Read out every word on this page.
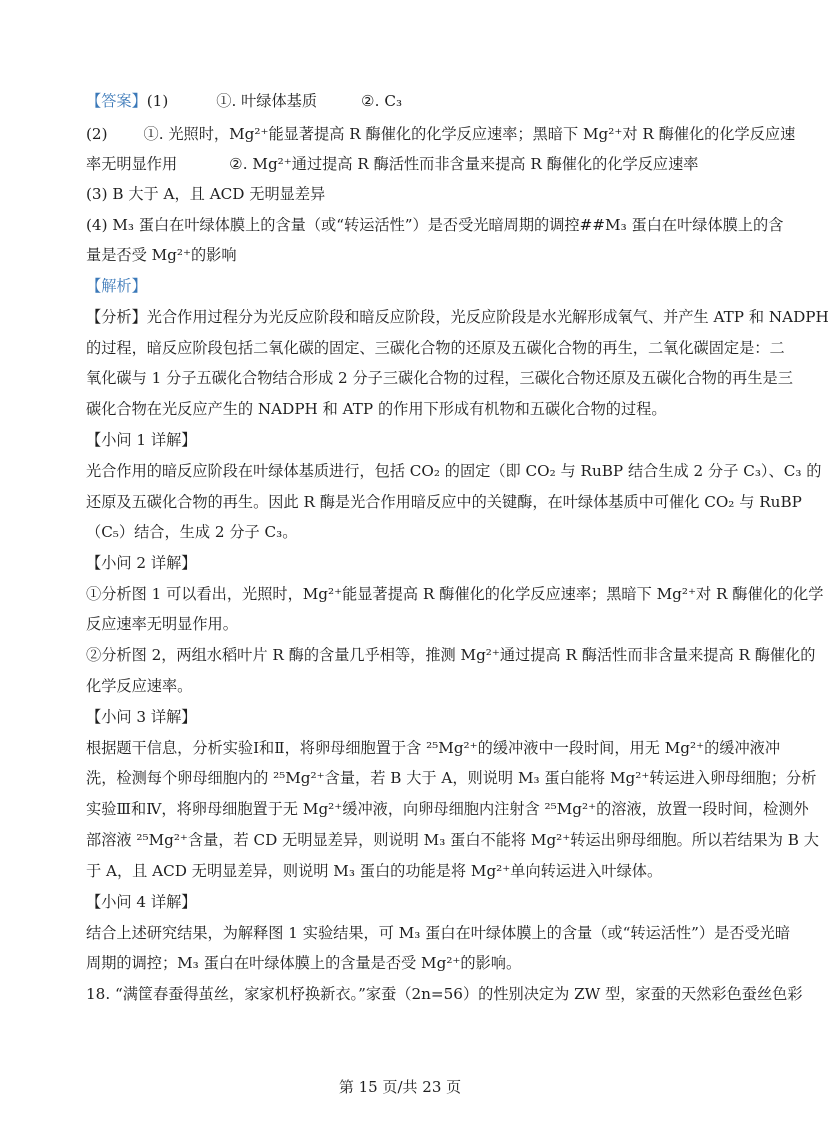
【答案】(1)	①. 叶绿体基质	②. C₃
(2) ①. 光照时，Mg²⁺能显著提高 R 酶催化的化学反应速率；黑暗下 Mg²⁺对 R 酶催化的化学反应速
率无明显作用	②. Mg²⁺通过提高 R 酶活性而非含量来提高 R 酶催化的化学反应速率
(3) B 大于 A，且 ACD 无明显差异
(4) M₃ 蛋白在叶绿体膜上的含量（或“转运活性”）是否受光暗周期的调控##M₃ 蛋白在叶绿体膜上的含
量是否受 Mg²⁺的影响
【解析】
【分析】光合作用过程分为光反应阶段和暗反应阶段，光反应阶段是水光解形成氧气、并产生 ATP 和 NADPH
的过程，暗反应阶段包括二氧化碳的固定、三碳化合物的还原及五碳化合物的再生，二氧化碳固定是：二
氧化碳与 1 分子五碳化合物结合形成 2 分子三碳化合物的过程，三碳化合物还原及五碳化合物的再生是三
碳化合物在光反应产生的 NADPH 和 ATP 的作用下形成有机物和五碳化合物的过程。
【小问 1 详解】
光合作用的暗反应阶段在叶绿体基质进行，包括 CO₂ 的固定（即 CO₂ 与 RuBP 结合生成 2 分子 C₃）、C₃ 的
还原及五碳化合物的再生。因此 R 酶是光合作用暗反应中的关键酶，在叶绿体基质中可催化 CO₂ 与 RuBP
（C₅）结合，生成 2 分子 C₃。
【小问 2 详解】
①分析图 1 可以看出，光照时，Mg²⁺能显著提高 R 酶催化的化学反应速率；黑暗下 Mg²⁺对 R 酶催化的化学
反应速率无明显作用。
②分析图 2，两组水稻叶片 R 酶的含量几乎相等，推测 Mg²⁺通过提高 R 酶活性而非含量来提高 R 酶催化的
化学反应速率。
【小问 3 详解】
根据题干信息，分析实验Ⅰ和Ⅱ，将卵母细胞置于含 ²⁵Mg²⁺的缓冲液中一段时间，用无 Mg²⁺的缓冲液冲
洗，检测每个卵母细胞内的 ²⁵Mg²⁺含量，若 B 大于 A，则说明 M₃ 蛋白能将 Mg²⁺转运进入卵母细胞；分析
实验Ⅲ和Ⅳ，将卵母细胞置于无 Mg²⁺缓冲液，向卵母细胞内注射含 ²⁵Mg²⁺的溶液，放置一段时间，检测外
部溶液 ²⁵Mg²⁺含量，若 CD 无明显差异，则说明 M₃ 蛋白不能将 Mg²⁺转运出卵母细胞。所以若结果为 B 大
于 A，且 ACD 无明显差异，则说明 M₃ 蛋白的功能是将 Mg²⁺单向转运进入叶绿体。
【小问 4 详解】
结合上述研究结果，为解释图 1 实验结果，可 M₃ 蛋白在叶绿体膜上的含量（或“转运活性”）是否受光暗
周期的调控；M₃ 蛋白在叶绿体膜上的含量是否受 Mg²⁺的影响。
18. “满筐春蚕得茧丝，家家机杼换新衣。”家蚕（2n=56）的性别决定为 ZW 型，家蚕的天然彩色蚕丝色彩
第 15 页/共 23 页
